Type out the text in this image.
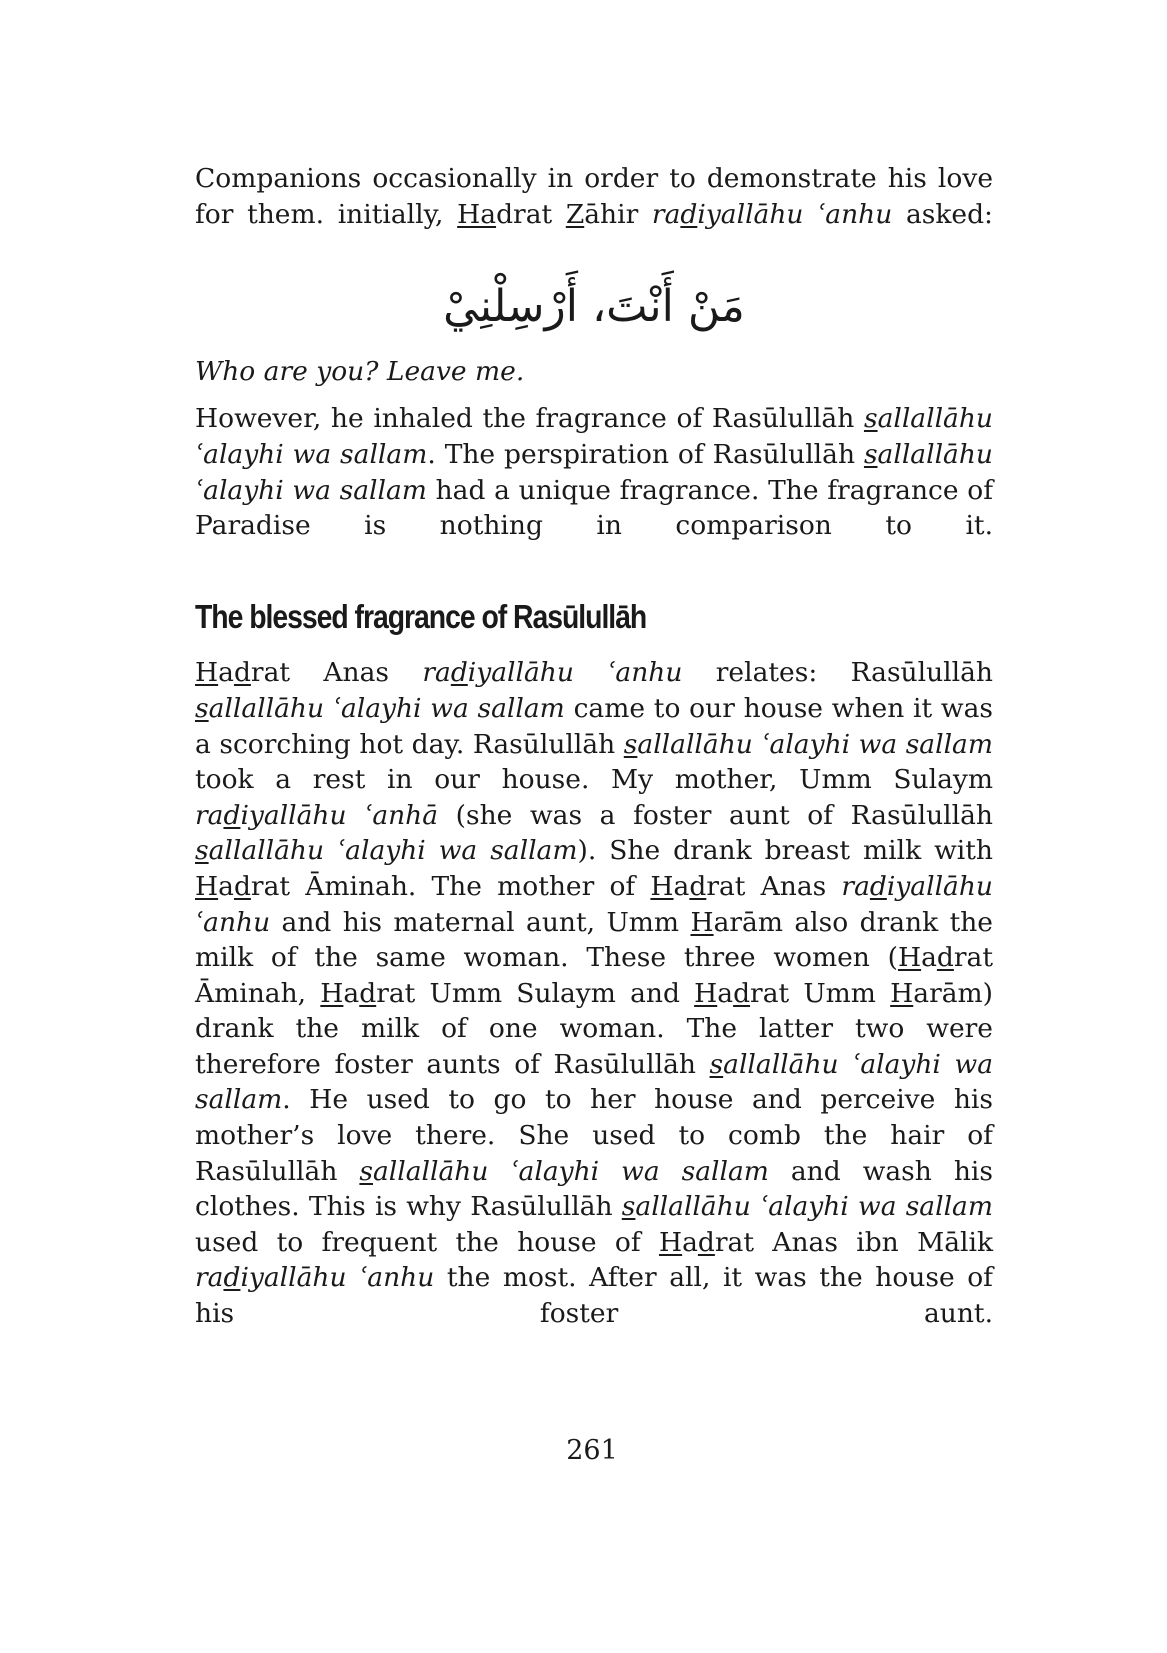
Companions occasionally in order to demonstrate his love for them. initially, Hadrat Zāhir radiyallāhu ʿanhu asked:

مَنْ أَنْتَ، أَرْسِلْنِيْ

Who are you? Leave me.

However, he inhaled the fragrance of Rasūlullāh sallallāhu ʿalayhi wa sallam. The perspiration of Rasūlullāh sallallāhu ʿalayhi wa sallam had a unique fragrance. The fragrance of Paradise is nothing in comparison to it.

The blessed fragrance of Rasūlullāh

Hadrat Anas radiyallāhu ʿanhu relates: Rasūlullāh sallallāhu ʿalayhi wa sallam came to our house when it was a scorching hot day. Rasūlullāh sallallāhu ʿalayhi wa sallam took a rest in our house. My mother, Umm Sulaym radiyallāhu ʿanhā (she was a foster aunt of Rasūlullāh sallallāhu ʿalayhi wa sallam). She drank breast milk with Hadrat Āminah. The mother of Hadrat Anas radiyallāhu ʿanhu and his maternal aunt, Umm Harām also drank the milk of the same woman. These three women (Hadrat Āminah, Hadrat Umm Sulaym and Hadrat Umm Harām) drank the milk of one woman. The latter two were therefore foster aunts of Rasūlullāh sallallāhu ʿalayhi wa sallam. He used to go to her house and perceive his mother’s love there. She used to comb the hair of Rasūlullāh sallallāhu ʿalayhi wa sallam and wash his clothes. This is why Rasūlullāh sallallāhu ʿalayhi wa sallam used to frequent the house of Hadrat Anas ibn Mālik radiyallāhu ʿanhu the most. After all, it was the house of his foster aunt.

261
